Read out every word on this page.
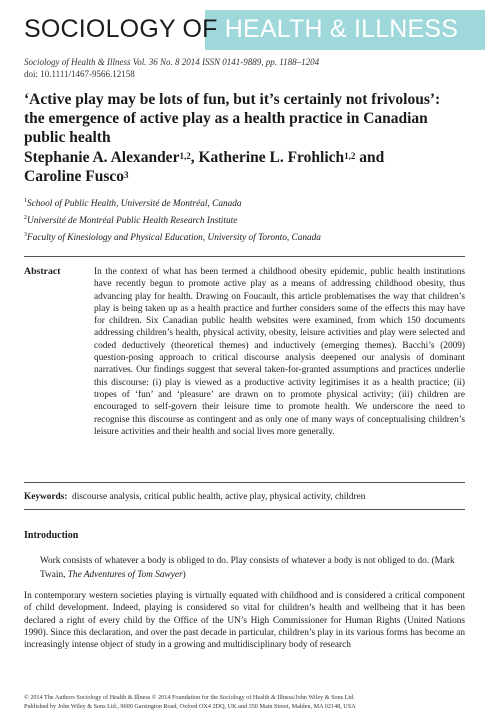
SOCIOLOGY OF HEALTH & ILLNESS
Sociology of Health & Illness Vol. 36 No. 8 2014 ISSN 0141-9889, pp. 1188–1204
doi: 10.1111/1467-9566.12158
‘Active play may be lots of fun, but it’s certainly not frivolous’: the emergence of active play as a health practice in Canadian public health
Stephanie A. Alexander$^{1,2}$, Katherine L. Frohlich$^{1,2}$ and
Caroline Fusco$^3$
$^1$School of Public Health, Université de Montréal, Canada
$^2$Université de Montréal Public Health Research Institute
$^3$Faculty of Kinesiology and Physical Education, University of Toronto, Canada
Abstract	In the context of what has been termed a childhood obesity epidemic, public health institutions have recently begun to promote active play as a means of addressing childhood obesity, thus advancing play for health. Drawing on Foucault, this article problematises the way that children’s play is being taken up as a health practice and further considers some of the effects this may have for children. Six Canadian public health websites were examined, from which 150 documents addressing children’s health, physical activity, obesity, leisure activities and play were selected and coded deductively (theoretical themes) and inductively (emerging themes). Bacchi’s (2009) question-posing approach to critical discourse analysis deepened our analysis of dominant narratives. Our findings suggest that several taken-for-granted assumptions and practices underlie this discourse: (i) play is viewed as a productive activity legitimises it as a health practice; (ii) tropes of ‘fun’ and ‘pleasure’ are drawn on to promote physical activity; (iii) children are encouraged to self-govern their leisure time to promote health. We underscore the need to recognise this discourse as contingent and as only one of many ways of conceptualising children’s leisure activities and their health and social lives more generally.
Keywords: discourse analysis, critical public health, active play, physical activity, children
Introduction
Work consists of whatever a body is obliged to do. Play consists of whatever a body is not obliged to do. (Mark Twain, The Adventures of Tom Sawyer)
In contemporary western societies playing is virtually equated with childhood and is considered a critical component of child development. Indeed, playing is considered so vital for children’s health and wellbeing that it has been declared a right of every child by the Office of the UN’s High Commissioner for Human Rights (United Nations 1990). Since this declaration, and over the past decade in particular, children’s play in its various forms has become an increasingly intense object of study in a growing and multidisciplinary body of research
© 2014 The Authors Sociology of Health & Illness © 2014 Foundation for the Sociology of Health & Illness/John Wiley & Sons Ltd.
Published by John Wiley & Sons Ltd., 9600 Garsington Road, Oxford OX4 2DQ, UK and 350 Main Street, Malden, MA 02148, USA
